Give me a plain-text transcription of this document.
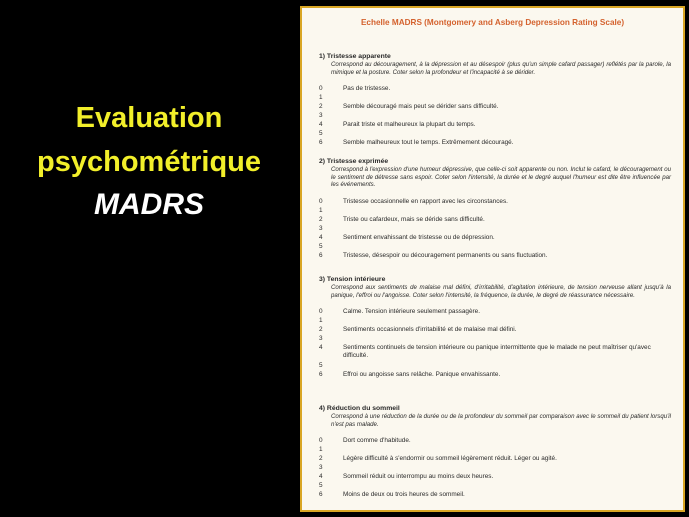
Evaluation
psychométrique
MADRS
Echelle MADRS (Montgomery and Asberg Depression Rating Scale)
1) Tristesse apparente
Correspond au découragement, à la dépression et au désespoir (plus qu'un simple cafard passager) reflétés par la parole, la mimique et la posture. Coter selon la profondeur et l'incapacité à se dérider.
0	Pas de tristesse.
1
2	Semble découragé mais peut se dérider sans difficulté.
3
4	Parait triste et malheureux la plupart du temps.
5
6	Semble malheureux tout le temps. Extrêmement découragé.
2) Tristesse exprimée
Correspond à l'expression d'une humeur dépressive, que celle-ci soit apparente ou non. Inclut le cafard, le découragement ou le sentiment de détresse sans espoir. Coter selon l'intensité, la durée et le degré auquel l'humeur est dite être influencée par les événements.
0	Tristesse occasionnelle en rapport avec les circonstances.
1
2	Triste ou cafardeux, mais se déride sans difficulté.
3
4	Sentiment envahissant de tristesse ou de dépression.
5
6	Tristesse, désespoir ou découragement permanents ou sans fluctuation.
3) Tension intérieure
Correspond aux sentiments de malaise mal défini, d'irritabilité, d'agitation intérieure, de tension nerveuse allant jusqu'à la panique, l'effroi ou l'angoisse. Coter selon l'intensité, la fréquence, la durée, le degré de réassurance nécessaire.
0	Calme. Tension intérieure seulement passagère.
1
2	Sentiments occasionnels d'irritabilité et de malaise mal défini.
3
4	Sentiments continuels de tension intérieure ou panique intermittente que le malade ne peut maîtriser qu'avec difficulté.
5
6	Effroi ou angoisse sans relâche. Panique envahissante.
4) Réduction du sommeil
Correspond à une réduction de la durée ou de la profondeur du sommeil par comparaison avec le sommeil du patient lorsqu'il n'est pas malade.
0	Dort comme d'habitude.
1
2	Légère difficulté à s'endormir ou sommeil légèrement réduit. Léger ou agité.
3
4	Sommeil réduit ou interrompu au moins deux heures.
5
6	Moins de deux ou trois heures de sommeil.
